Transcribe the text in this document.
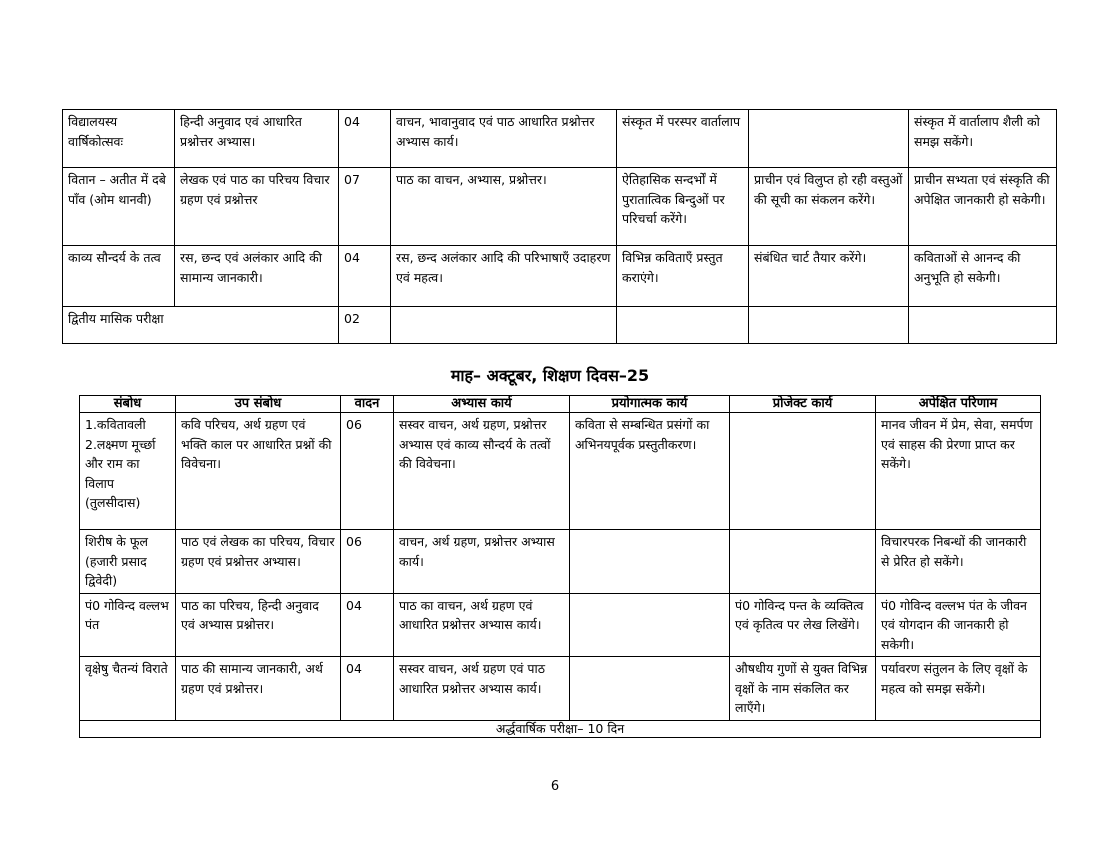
विद्यालयस्य वार्षिकोत्सवः	हिन्दी अनुवाद एवं आधारित प्रश्नोत्तर अभ्यास।	04	वाचन, भावानुवाद एवं पाठ आधारित प्रश्नोत्तर अभ्यास कार्य।	संस्कृत में परस्पर वार्तालाप		संस्कृत में वार्तालाप शैली को समझ सकेंगे।
वितान – अतीत में दबे पाँव (ओम थानवी)	लेखक एवं पाठ का परिचय विचार ग्रहण एवं प्रश्नोत्तर	07	पाठ का वाचन, अभ्यास, प्रश्नोत्तर।	ऐतिहासिक सन्दर्भों में पुरातात्विक बिन्दुओं पर परिचर्चा करेंगे।	प्राचीन एवं विलुप्त हो रही वस्तुओं की सूची का संकलन करेंगे।	प्राचीन सभ्यता एवं संस्कृति की अपेक्षित जानकारी हो सकेगी।
काव्य सौन्दर्य के तत्व	रस, छन्द एवं अलंकार आदि की सामान्य जानकारी।	04	रस, छन्द अलंकार आदि की परिभाषाएँ उदाहरण एवं महत्व।	विभिन्न कविताएँ प्रस्तुत कराएंगे।	संबंधित चार्ट तैयार करेंगे।	कविताओं से आनन्द की अनुभूति हो सकेगी।
द्वितीय मासिक परीक्षा		02				
माह– अक्टूबर, शिक्षण दिवस–25
संबोध	उप संबोध	वादन	अभ्यास कार्य	प्रयोगात्मक कार्य	प्रोजेक्ट कार्य	अपेक्षित परिणाम
1.कवितावली 2.लक्ष्मण मूर्च्छा और राम का विलाप (तुलसीदास)	कवि परिचय, अर्थ ग्रहण एवं भक्ति काल पर आधारित प्रश्नों की विवेचना।	06	सस्वर वाचन, अर्थ ग्रहण, प्रश्नोत्तर अभ्यास एवं काव्य सौन्दर्य के तत्वों की विवेचना।	कविता से सम्बन्धित प्रसंगों का अभिनयपूर्वक प्रस्तुतीकरण।		मानव जीवन में प्रेम, सेवा, समर्पण एवं साहस की प्रेरणा प्राप्त कर सकेंगे।
शिरीष के फूल (हजारी प्रसाद द्विवेदी)	पाठ एवं लेखक का परिचय, विचार ग्रहण एवं प्रश्नोत्तर अभ्यास।	06	वाचन, अर्थ ग्रहण, प्रश्नोत्तर अभ्यास कार्य।			विचारपरक निबन्धों की जानकारी से प्रेरित हो सकेंगे।
पं0 गोविन्द वल्लभ पंत	पाठ का परिचय, हिन्दी अनुवाद एवं अभ्यास प्रश्नोत्तर।	04	पाठ का वाचन, अर्थ ग्रहण एवं आधारित प्रश्नोत्तर अभ्यास कार्य।		पं0 गोविन्द पन्त के व्यक्तित्व एवं कृतित्व पर लेख लिखेंगे।	पं0 गोविन्द वल्लभ पंत के जीवन एवं योगदान की जानकारी हो सकेगी।
वृक्षेषु चैतन्यं विराते	पाठ की सामान्य जानकारी, अर्थ ग्रहण एवं प्रश्नोत्तर।	04	सस्वर वाचन, अर्थ ग्रहण एवं पाठ आधारित प्रश्नोत्तर अभ्यास कार्य।		औषधीय गुणों से युक्त विभिन्न वृक्षों के नाम संकलित कर लाएँगे।	पर्यावरण संतुलन के लिए वृक्षों के महत्व को समझ सकेंगे।
अर्द्धवार्षिक परीक्षा– 10 दिन						
6
